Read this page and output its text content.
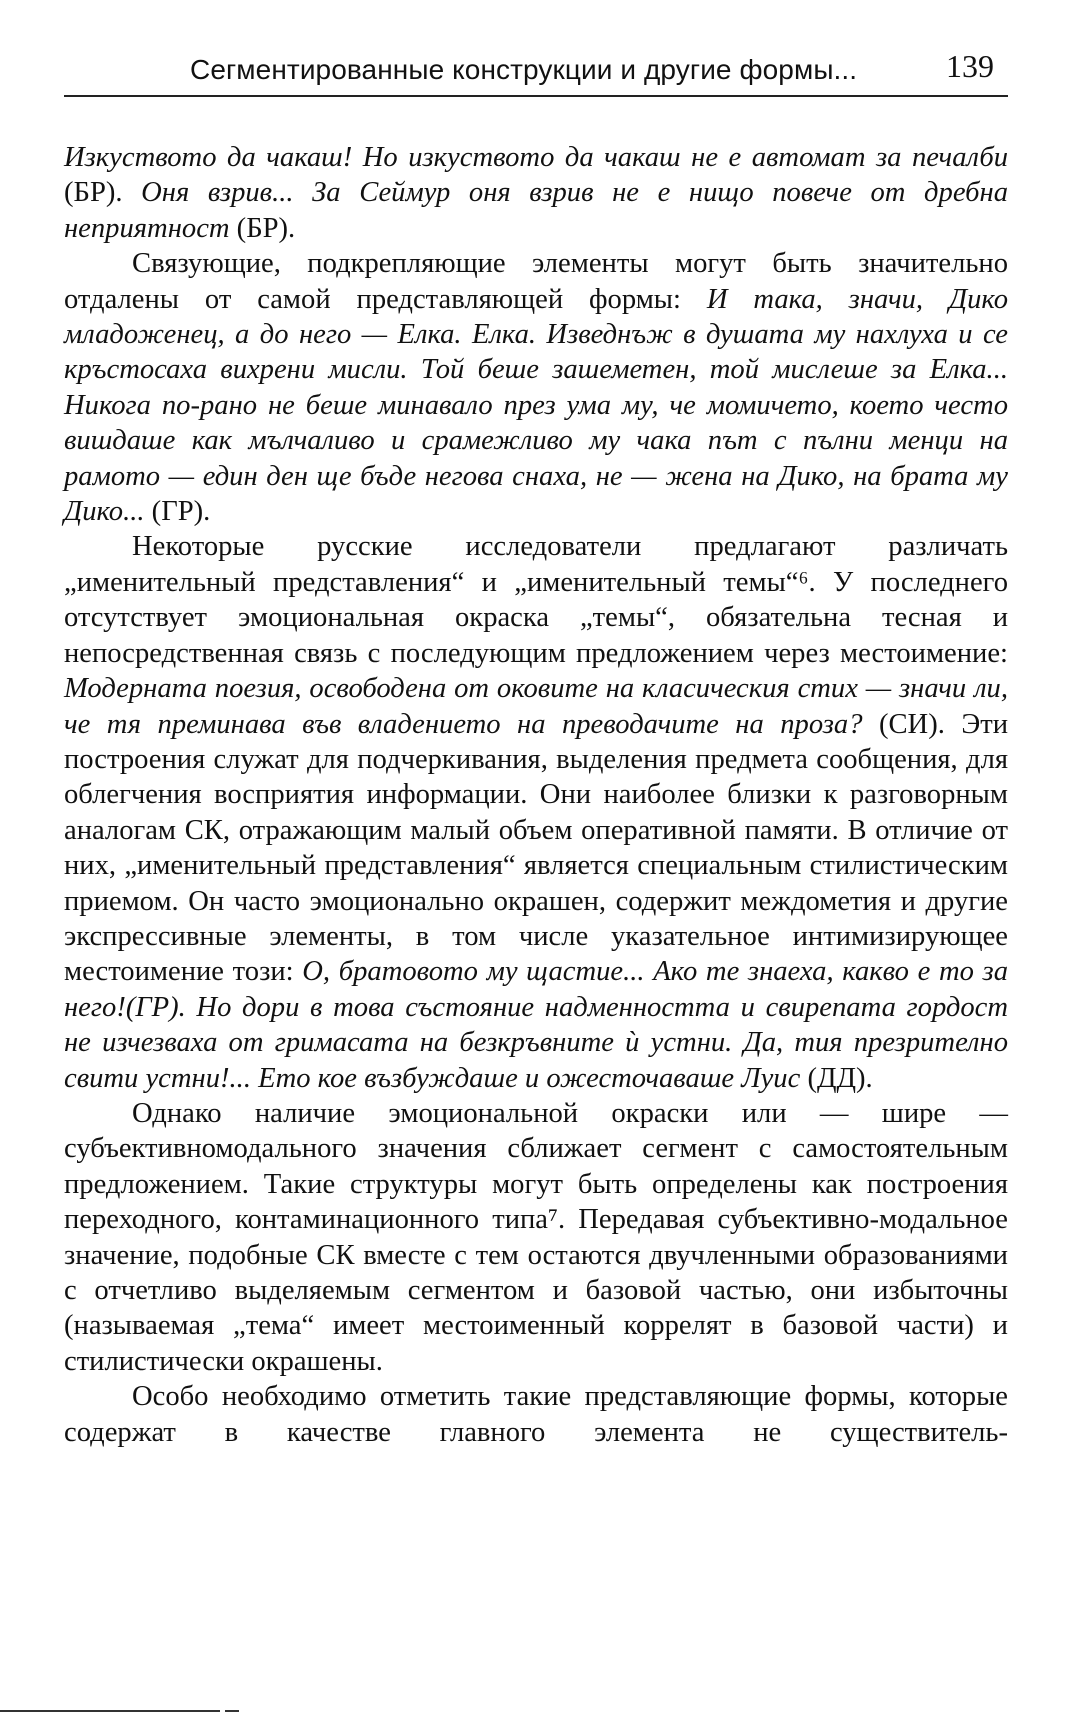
Сегментированные конструкции и другие формы...	139

Изкуството да чакаш! Но изкуството да чакаш не е автомат за печалби (БР). Оня взрив... За Сеймур оня взрив не е нищо повече от дребна неприятност (БР).

Связующие, подкрепляющие элементы могут быть значительно отдалены от самой представляющей формы: И така, значи, Дико младоженец, а до него — Елка. Елка. Изведнъж в душата му нахлуха и се кръстосаха вихрени мисли. Той беше зашеметен, той мислеше за Елка... Никога по-рано не беше минавало през ума му, че момичето, което често вишдаше как мълчаливо и срамежливо му чака път с пълни менци на рамото — един ден ще бъде негова снаха, не — жена на Дико, на брата му Дико... (ГР).

Некоторые русские исследователи предлагают различать „именительный представления“ и „именительный темы“⁶. У последнего отсутствует эмоциональная окраска „темы“, обязательна тесная и непосредственная связь с последующим предложением через местоимение: Модерната поезия, освободена от оковите на класическия стих — значи ли, че тя преминава във владението на преводачите на проза? (СИ). Эти построения служат для подчеркивания, выделения предмета сообщения, для облегчения восприятия информации. Они наиболее близки к разговорным аналогам СК, отражающим малый объем оперативной памяти. В отличие от них, „именительный представления“ является специальным стилистическим приемом. Он часто эмоционально окрашен, содержит междометия и другие экспрессивные элементы, в том числе указательное интимизирующее местоимение този: О, братовото му щастие... Ако те знаеха, какво е то за него!(ГР). Но дори в това състояние надменността и свирепата гордост не изчезваха от гримасата на безкръвните ѝ устни. Да, тия презрително свити устни!... Ето кое възбуждаше и ожесточаваше Луис (ДД).

Однако наличие эмоциональной окраски или — шире — субъективномодального значения сближает сегмент с самостоятельным предложением. Такие структуры могут быть определены как построения переходного, контаминационного типа⁷. Передавая субъективно-модальное значение, подобные СК вместе с тем остаются двучленными образованиями с отчетливо выделяемым сегментом и базовой частью, они избыточны (называемая „тема“ имеет местоименный коррелят в базовой части) и стилистически окрашены.

Особо необходимо отметить такие представляющие формы, которые содержат в качестве главного элемента не существитель-
